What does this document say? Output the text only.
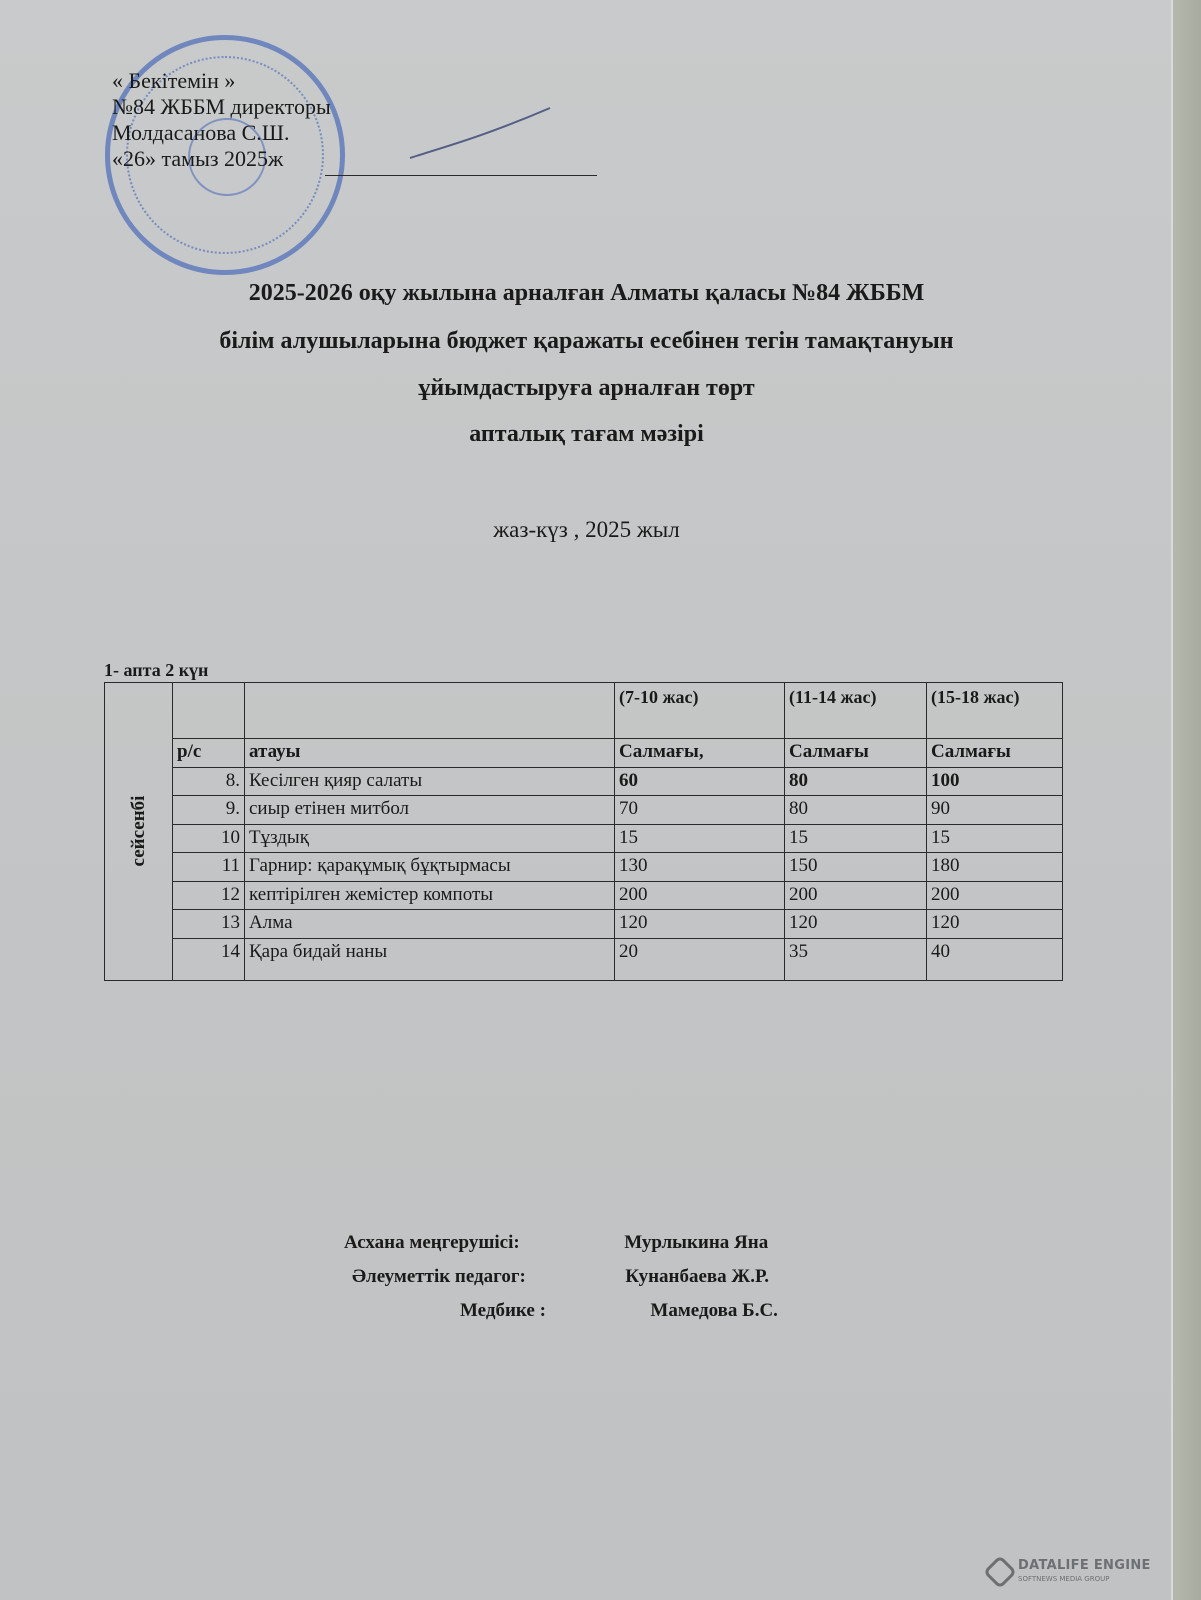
« Бекітемін »
№84 ЖББМ директоры
Молдасанова С.Ш.
«26» тамыз 2025ж
2025-2026 оқу жылына арналған Алматы қаласы №84 ЖББМ
білім алушыларына бюджет қаражаты есебінен тегін тамақтануын
ұйымдастыруға арналған төрт
апталық тағам мәзірі
жаз-күз , 2025 жыл
1- апта 2 күн
сейсенбі			(7-10 жас)	(11-14 жас)	(15-18 жас)
	р/с	атауы	Салмағы,	Салмағы	Салмағы
	8.	Кесілген қияр салаты	60	80	100
	9.	сиыр етінен митбол	70	80	90
	10	Тұздық	15	15	15
	11	Гарнир: қарақұмық бұқтырмасы	130	150	180
	12	кептірілген жемістер компоты	200	200	200
	13	Алма	120	120	120
	14	Қара бидай наны	20	35	40
Асхана меңгерушісі:	Мурлыкина Яна
Әлеуметтік педагог:	Кунанбаева Ж.Р.
Медбике :	Мамедова Б.С.
DATALIFE ENGINE
SOFTNEWS MEDIA GROUP
